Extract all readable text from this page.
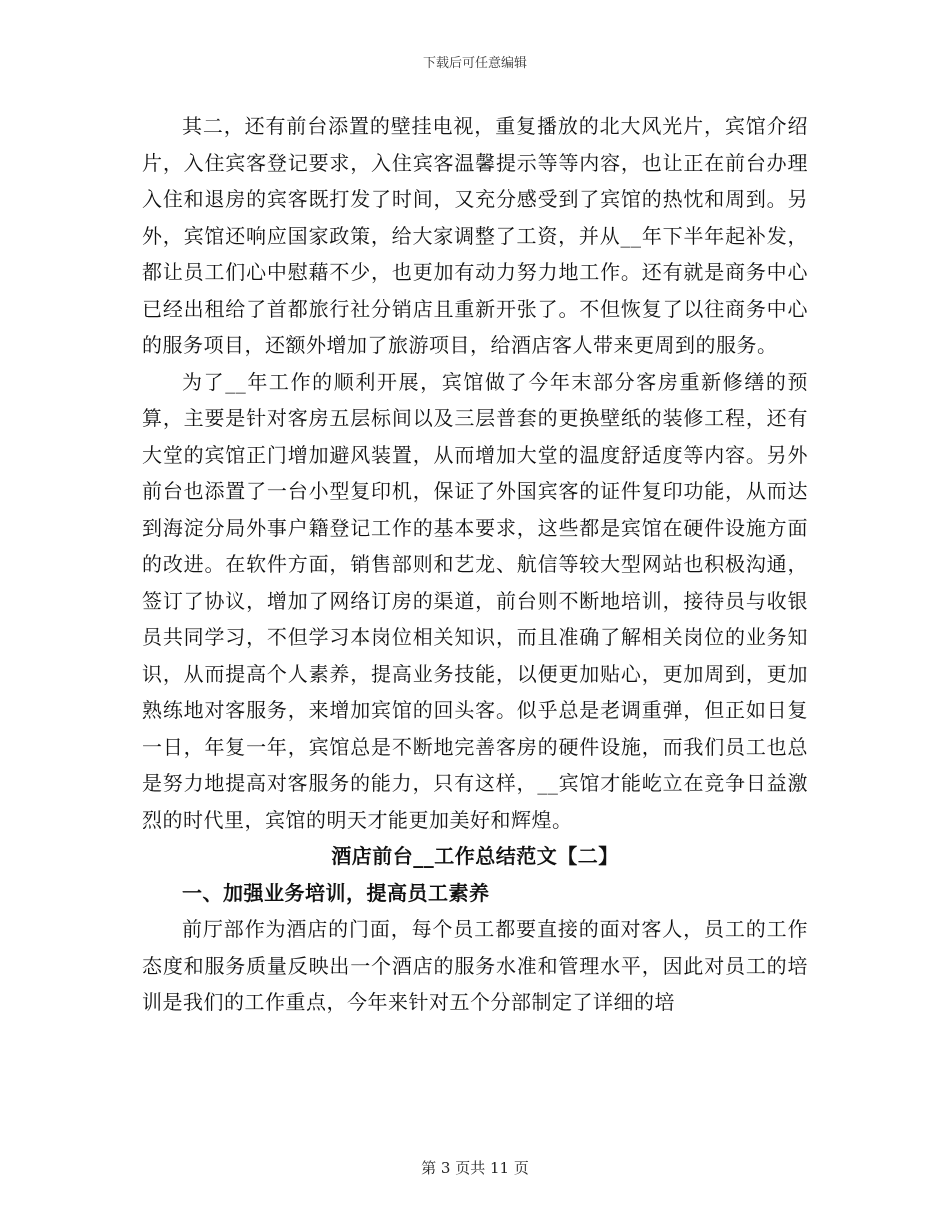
下载后可任意编辑

其二，还有前台添置的壁挂电视，重复播放的北大风光片，宾馆介绍片，入住宾客登记要求，入住宾客温馨提示等等内容，也让正在前台办理入住和退房的宾客既打发了时间，又充分感受到了宾馆的热忱和周到。另外，宾馆还响应国家政策，给大家调整了工资，并从__年下半年起补发，都让员工们心中慰藉不少，也更加有动力努力地工作。还有就是商务中心已经出租给了首都旅行社分销店且重新开张了。不但恢复了以往商务中心的服务项目，还额外增加了旅游项目，给酒店客人带来更周到的服务。

为了__年工作的顺利开展，宾馆做了今年末部分客房重新修缮的预算，主要是针对客房五层标间以及三层普套的更换壁纸的装修工程，还有大堂的宾馆正门增加避风装置，从而增加大堂的温度舒适度等内容。另外前台也添置了一台小型复印机，保证了外国宾客的证件复印功能，从而达到海淀分局外事户籍登记工作的基本要求，这些都是宾馆在硬件设施方面的改进。在软件方面，销售部则和艺龙、航信等较大型网站也积极沟通，签订了协议，增加了网络订房的渠道，前台则不断地培训，接待员与收银员共同学习，不但学习本岗位相关知识，而且准确了解相关岗位的业务知识，从而提高个人素养，提高业务技能，以便更加贴心，更加周到，更加熟练地对客服务，来增加宾馆的回头客。似乎总是老调重弹，但正如日复一日，年复一年，宾馆总是不断地完善客房的硬件设施，而我们员工也总是努力地提高对客服务的能力，只有这样，__宾馆才能屹立在竞争日益激烈的时代里，宾馆的明天才能更加美好和辉煌。

酒店前台__工作总结范文【二】

一、加强业务培训，提高员工素养

前厅部作为酒店的门面，每个员工都要直接的面对客人，员工的工作态度和服务质量反映出一个酒店的服务水准和管理水平，因此对员工的培训是我们的工作重点，今年来针对五个分部制定了详细的培

第 3 页共 11 页
